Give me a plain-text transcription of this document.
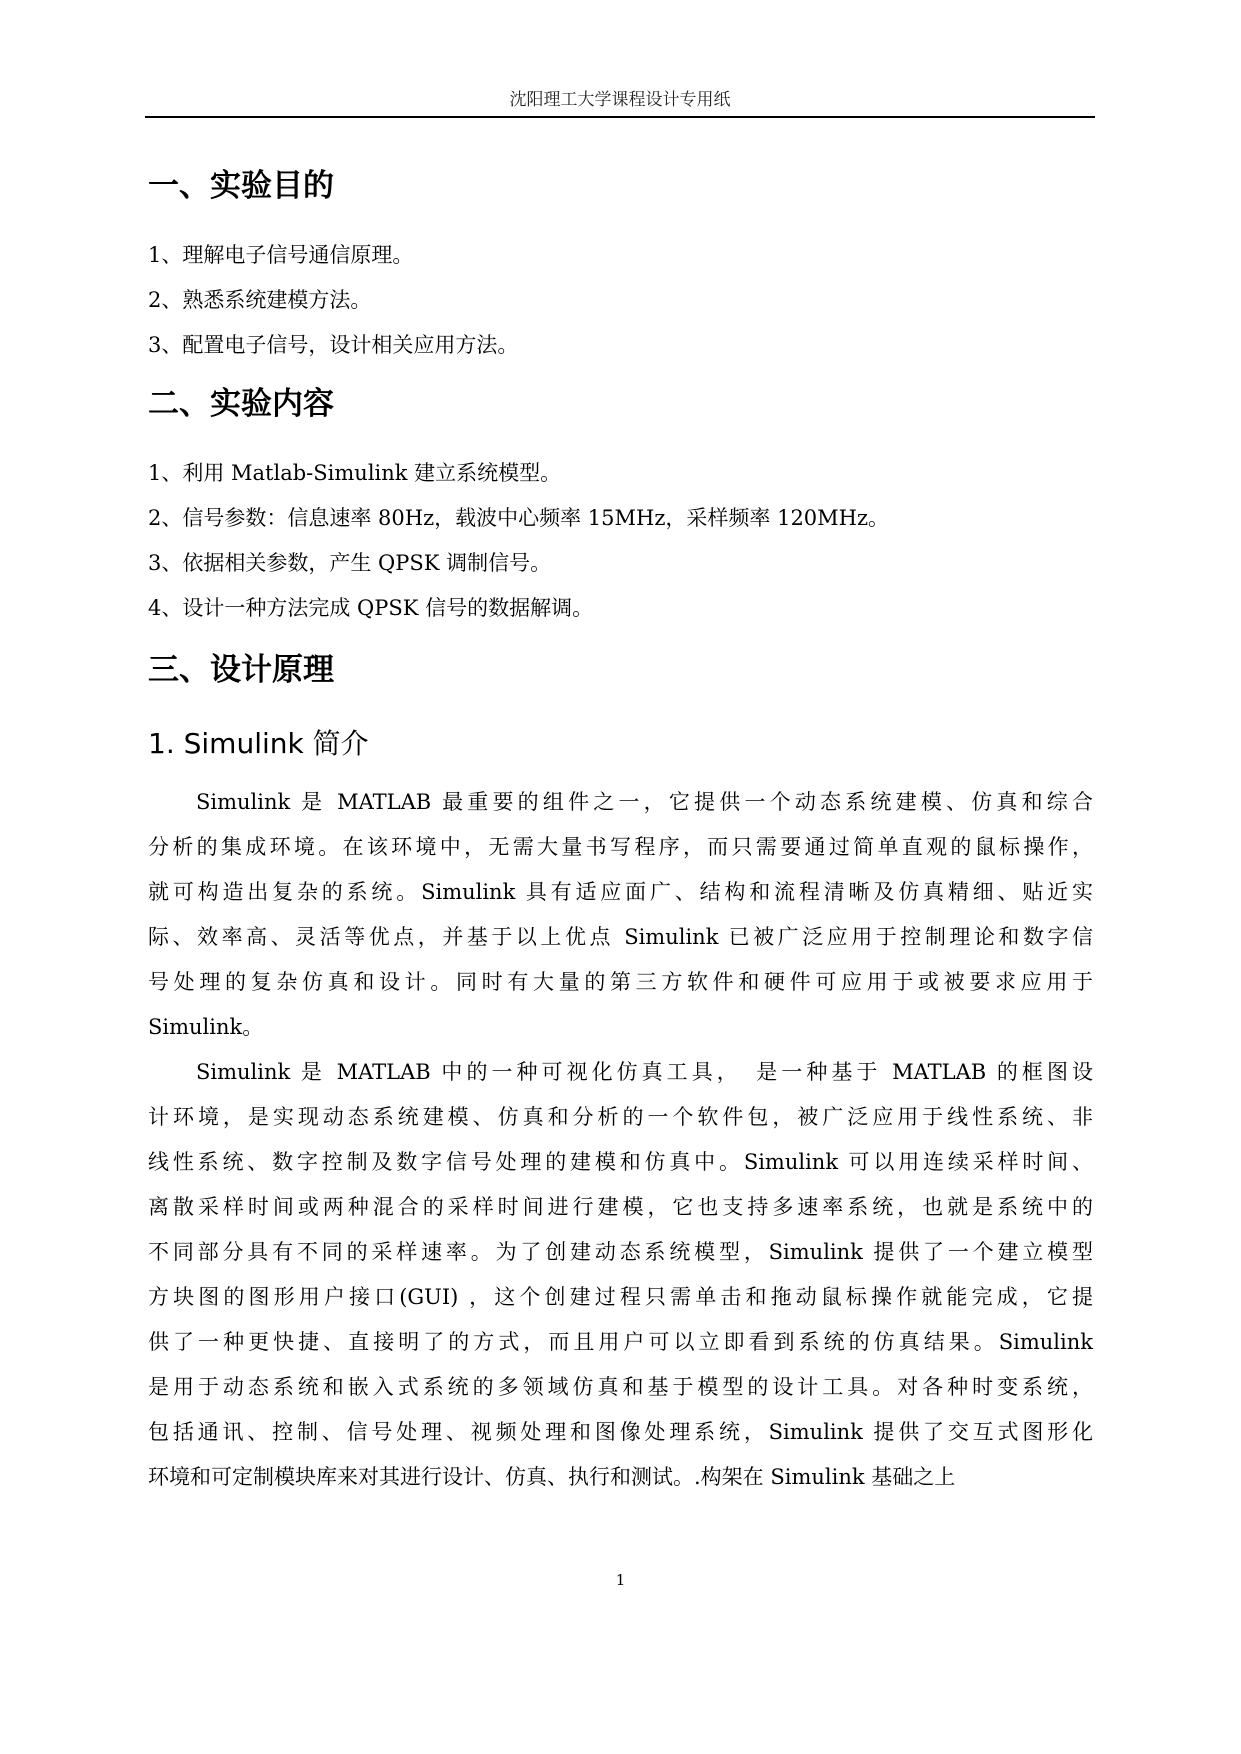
沈阳理工大学课程设计专用纸
一、实验目的
1、理解电子信号通信原理。
2、熟悉系统建模方法。
3、配置电子信号，设计相关应用方法。
二、实验内容
1、利用 Matlab-Simulink 建立系统模型。
2、信号参数：信息速率 80Hz，载波中心频率 15MHz，采样频率 120MHz。
3、依据相关参数，产生 QPSK 调制信号。
4、设计一种方法完成 QPSK 信号的数据解调。
三、设计原理
1. Simulink 简介
Simulink 是 MATLAB 最重要的组件之一，它提供一个动态系统建模、仿真和综合
分析的集成环境。在该环境中，无需大量书写程序，而只需要通过简单直观的鼠标操作，
就可构造出复杂的系统。Simulink 具有适应面广、结构和流程清晰及仿真精细、贴近实
际、效率高、灵活等优点，并基于以上优点 Simulink 已被广泛应用于控制理论和数字信
号处理的复杂仿真和设计。同时有大量的第三方软件和硬件可应用于或被要求应用于
Simulink。
Simulink 是 MATLAB 中的一种可视化仿真工具，　是一种基于 MATLAB 的框图设
计环境，是实现动态系统建模、仿真和分析的一个软件包，被广泛应用于线性系统、非
线性系统、数字控制及数字信号处理的建模和仿真中。Simulink 可以用连续采样时间、
离散采样时间或两种混合的采样时间进行建模，它也支持多速率系统，也就是系统中的
不同部分具有不同的采样速率。为了创建动态系统模型，Simulink 提供了一个建立模型
方块图的图形用户接口(GUI) ，这个创建过程只需单击和拖动鼠标操作就能完成，它提
供了一种更快捷、直接明了的方式，而且用户可以立即看到系统的仿真结果。Simulink
是用于动态系统和嵌入式系统的多领域仿真和基于模型的设计工具。对各种时变系统，
包括通讯、控制、信号处理、视频处理和图像处理系统，Simulink 提供了交互式图形化
环境和可定制模块库来对其进行设计、仿真、执行和测试。.构架在 Simulink 基础之上
1
